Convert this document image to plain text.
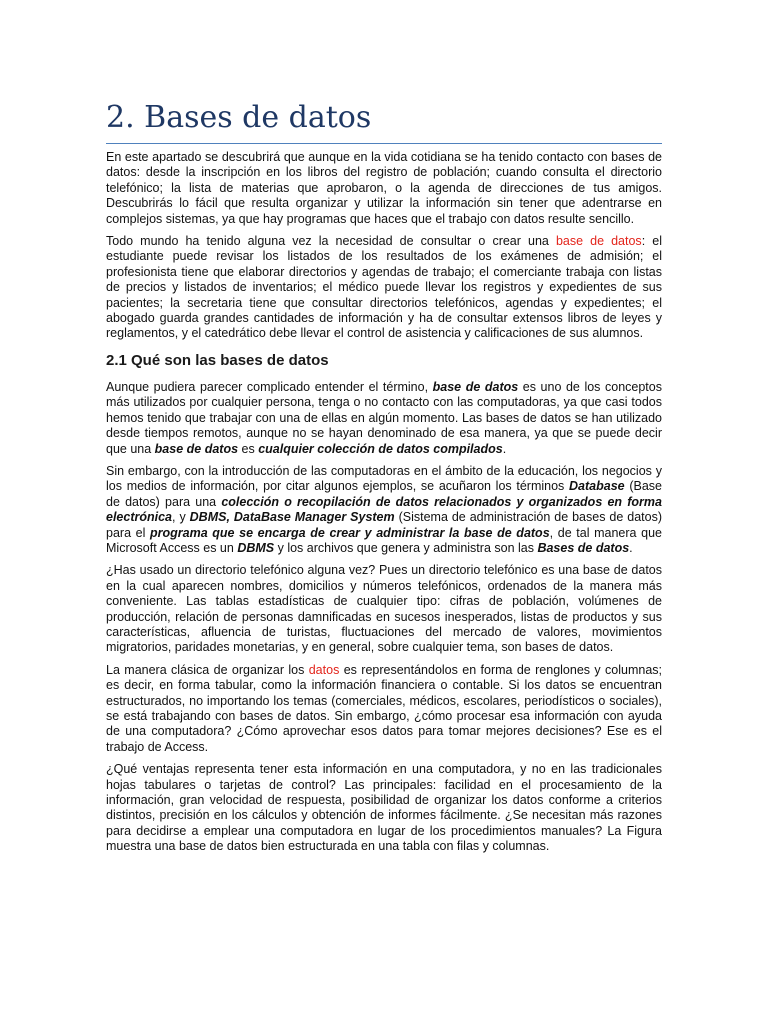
2. Bases de datos

En este apartado se descubrirá que aunque en la vida cotidiana se ha tenido contacto con bases de datos: desde la inscripción en los libros del registro de población; cuando consulta el directorio telefónico; la lista de materias que aprobaron, o la agenda de direcciones de tus amigos. Descubrirás lo fácil que resulta organizar y utilizar la información sin tener que adentrarse en complejos sistemas, ya que hay programas que haces que el trabajo con datos resulte sencillo.

Todo mundo ha tenido alguna vez la necesidad de consultar o crear una base de datos: el estudiante puede revisar los listados de los resultados de los exámenes de admisión; el profesionista tiene que elaborar directorios y agendas de trabajo; el comerciante trabaja con listas de precios y listados de inventarios; el médico puede llevar los registros y expedientes de sus pacientes; la secretaria tiene que consultar directorios telefónicos, agendas y expedientes; el abogado guarda grandes cantidades de información y ha de consultar extensos libros de leyes y reglamentos, y el catedrático debe llevar el control de asistencia y calificaciones de sus alumnos.

2.1 Qué son las bases de datos

Aunque pudiera parecer complicado entender el término, base de datos es uno de los conceptos más utilizados por cualquier persona, tenga o no contacto con las computadoras, ya que casi todos hemos tenido que trabajar con una de ellas en algún momento. Las bases de datos se han utilizado desde tiempos remotos, aunque no se hayan denominado de esa manera, ya que se puede decir que una base de datos es cualquier colección de datos compilados.

Sin embargo, con la introducción de las computadoras en el ámbito de la educación, los negocios y los medios de información, por citar algunos ejemplos, se acuñaron los términos Database (Base de datos) para una colección o recopilación de datos relacionados y organizados en forma electrónica, y DBMS, DataBase Manager System (Sistema de administración de bases de datos) para el programa que se encarga de crear y administrar la base de datos, de tal manera que Microsoft Access es un DBMS y los archivos que genera y administra son las Bases de datos.

¿Has usado un directorio telefónico alguna vez? Pues un directorio telefónico es una base de datos en la cual aparecen nombres, domicilios y números telefónicos, ordenados de la manera más conveniente. Las tablas estadísticas de cualquier tipo: cifras de población, volúmenes de producción, relación de personas damnificadas en sucesos inesperados, listas de productos y sus características, afluencia de turistas, fluctuaciones del mercado de valores, movimientos migratorios, paridades monetarias, y en general, sobre cualquier tema, son bases de datos.

La manera clásica de organizar los datos es representándolos en forma de renglones y columnas; es decir, en forma tabular, como la información financiera o contable. Si los datos se encuentran estructurados, no importando los temas (comerciales, médicos, escolares, periodísticos o sociales), se está trabajando con bases de datos. Sin embargo, ¿cómo procesar esa información con ayuda de una computadora? ¿Cómo aprovechar esos datos para tomar mejores decisiones? Ese es el trabajo de Access.

¿Qué ventajas representa tener esta información en una computadora, y no en las tradicionales hojas tabulares o tarjetas de control? Las principales: facilidad en el procesamiento de la información, gran velocidad de respuesta, posibilidad de organizar los datos conforme a criterios distintos, precisión en los cálculos y obtención de informes fácilmente. ¿Se necesitan más razones para decidirse a emplear una computadora en lugar de los procedimientos manuales? La Figura muestra una base de datos bien estructurada en una tabla con filas y columnas.
